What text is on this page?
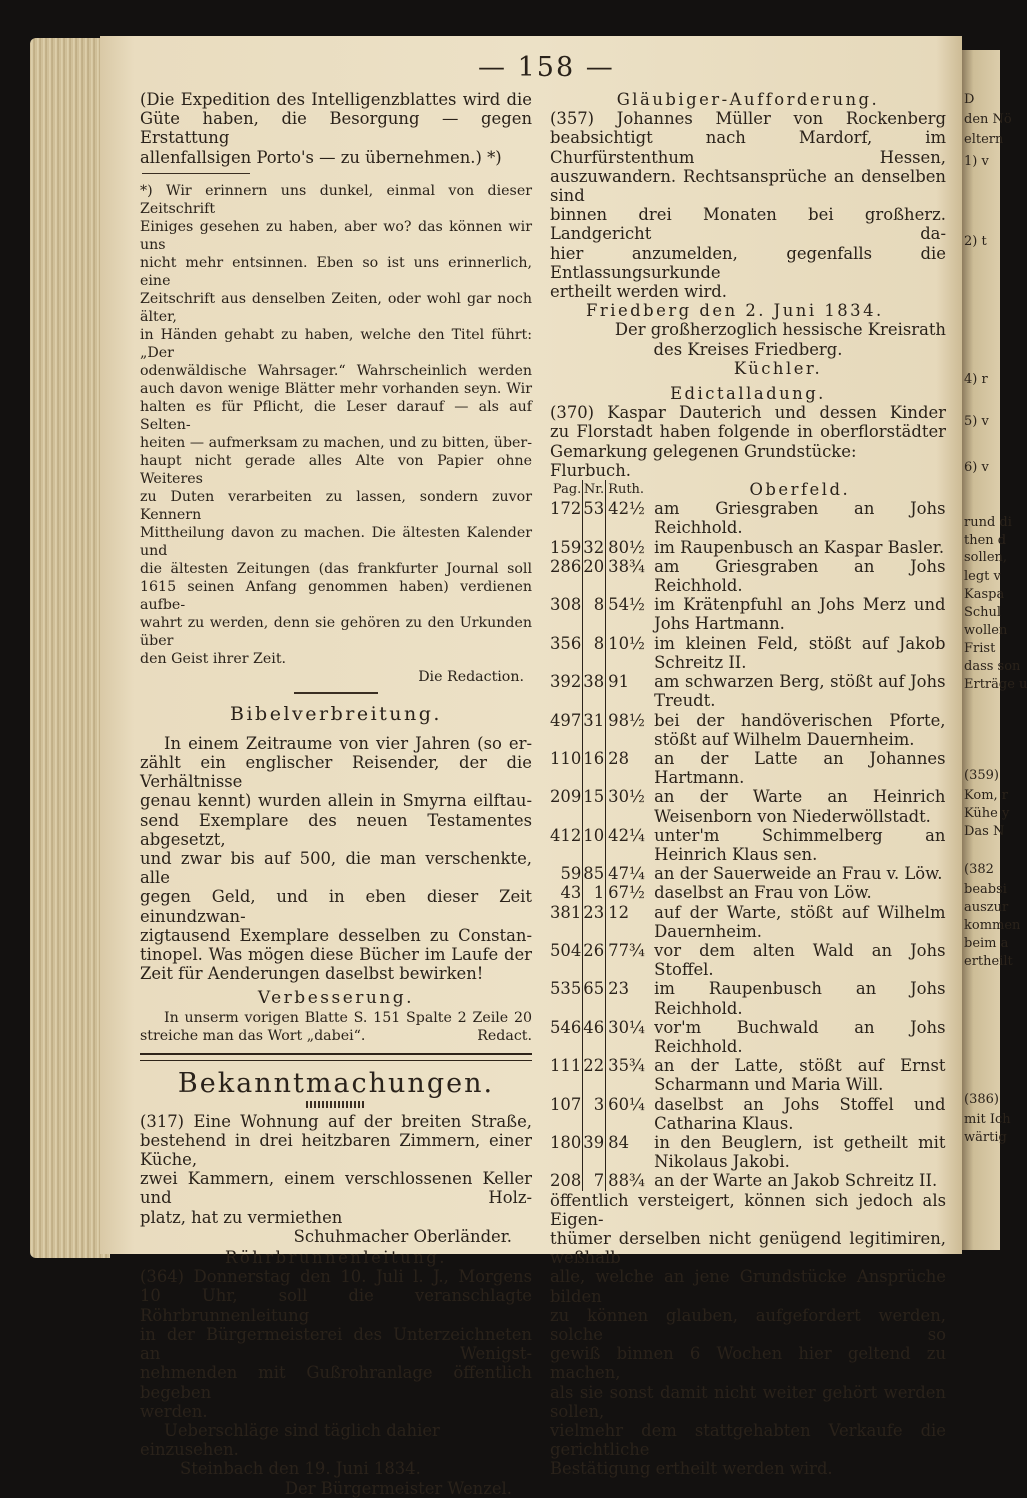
D
den Nö
eltern
1) v
2) t
4) r
5) v
6) v
rund di
then d
sollen,
legt v
Kaspa
Schul
wollen
Frist
dass son
Erträge u
(359)
Kom, r
Kühe y
Das N
(382
beabsi
auszur
kommen
beim a
ertheilt
(386)
mit Ich
wärtig
— 158 —

(Die Expedition des Intelligenzblattes wird die

Güte haben, die Besorgung — gegen Erstattung

allenfallsigen Porto's — zu übernehmen.) *)

*) Wir erinnern uns dunkel, einmal von dieser Zeitschrift

Einiges gesehen zu haben, aber wo? das können wir uns

nicht mehr entsinnen. Eben so ist uns erinnerlich, eine

Zeitschrift aus denselben Zeiten, oder wohl gar noch älter,

in Händen gehabt zu haben, welche den Titel führt: „Der

odenwäldische Wahrsager.“ Wahrscheinlich werden

auch davon wenige Blätter mehr vorhanden seyn. Wir

halten es für Pflicht, die Leser darauf — als auf Selten-

heiten — aufmerksam zu machen, und zu bitten, über-

haupt nicht gerade alles Alte von Papier ohne Weiteres

zu Duten verarbeiten zu lassen, sondern zuvor Kennern

Mittheilung davon zu machen. Die ältesten Kalender und

die ältesten Zeitungen (das frankfurter Journal soll

1615 seinen Anfang genommen haben) verdienen aufbe-

wahrt zu werden, denn sie gehören zu den Urkunden über

den Geist ihrer Zeit.

Die Redaction.

Bibelverbreitung.

In einem Zeitraume von vier Jahren (so er-

zählt ein englischer Reisender, der die Verhältnisse

genau kennt) wurden allein in Smyrna eilftau-

send Exemplare des neuen Testamentes abgesetzt,

und zwar bis auf 500, die man verschenkte, alle

gegen Geld, und in eben dieser Zeit einundzwan-

zigtausend Exemplare desselben zu Constan-

tinopel. Was mögen diese Bücher im Laufe der

Zeit für Aenderungen daselbst bewirken!

Verbesserung.

In unserm vorigen Blatte S. 151 Spalte 2 Zeile 20

streiche man das Wort „dabei“.	Redact.

Bekanntmachungen.

(317) Eine Wohnung auf der breiten Straße,

bestehend in drei heitzbaren Zimmern, einer Küche,

zwei Kammern, einem verschlossenen Keller und Holz-

platz, hat zu vermiethen

Schuhmacher Oberländer.

Röhrbrunnenleitung.

(364) Donnerstag den 10. Juli l. J., Morgens

10 Uhr, soll die veranschlagte Röhrbrunnenleitung

in der Bürgermeisterei des Unterzeichneten an Wenigst-

nehmenden mit Gußrohranlage öffentlich begeben

werden.

Ueberschläge sind täglich dahier einzusehen.

Steinbach den 19. Juni 1834.

Der Bürgermeister Wenzel.

Gläubiger-Aufforderung.

(357) Johannes Müller von Rockenberg

beabsichtigt nach Mardorf, im Churfürstenthum Hessen,

auszuwandern. Rechtsansprüche an denselben sind

binnen drei Monaten bei großherz. Landgericht da-

hier anzumelden, gegenfalls die Entlassungsurkunde

ertheilt werden wird.

Friedberg den 2. Juni 1834.

Der großherzoglich hessische Kreisrath

des Kreises Friedberg.

Küchler.

Edictalladung.

(370) Kaspar Dauterich und dessen Kinder

zu Florstadt haben folgende in oberflorstädter

Gemarkung gelegenen Grundstücke:

Flurbuch.

Pag.	Nr.	Ruth.	Oberfeld.
172	53	42½	am Griesgraben an Johs Reichhold.
159	32	80½	im Raupenbusch an Kaspar Basler.
286	20	38¾	am Griesgraben an Johs Reichhold.
308	8	54½	im Krätenpfuhl an Johs Merz und Johs Hartmann.
356	8	10½	im kleinen Feld, stößt auf Jakob Schreitz II.
392	38	91	am schwarzen Berg, stößt auf Johs Treudt.
497	31	98½	bei der handöverischen Pforte, stößt auf Wilhelm Dauernheim.
110	16	28	an der Latte an Johannes Hartmann.
209	15	30½	an der Warte an Heinrich Weisenborn von Niederwöllstadt.
412	10	42¼	unter'm Schimmelberg an Heinrich Klaus sen.
59	85	47¼	an der Sauerweide an Frau v. Löw.
43	1	67½	daselbst an Frau von Löw.
381	23	12	auf der Warte, stößt auf Wilhelm Dauernheim.
504	26	77¾	vor dem alten Wald an Johs Stoffel.
535	65	23	im Raupenbusch an Johs Reichhold.
546	46	30¼	vor'm Buchwald an Johs Reichhold.
111	22	35¾	an der Latte, stößt auf Ernst Scharmann und Maria Will.
107	3	60¼	daselbst an Johs Stoffel und Catharina Klaus.
180	39	84	in den Beuglern, ist getheilt mit Nikolaus Jakobi.
208	7	88¾	an der Warte an Jakob Schreitz II.

öffentlich versteigert, können sich jedoch als Eigen-

thümer derselben nicht genügend legitimiren, weßhalb

alle, welche an jene Grundstücke Ansprüche bilden

zu können glauben, aufgefordert werden, solche so

gewiß binnen 6 Wochen hier geltend zu machen,

als sie sonst damit nicht weiter gehört werden sollen,

vielmehr dem stattgehabten Verkaufe die gerichtliche

Bestätigung ertheilt werden wird.
